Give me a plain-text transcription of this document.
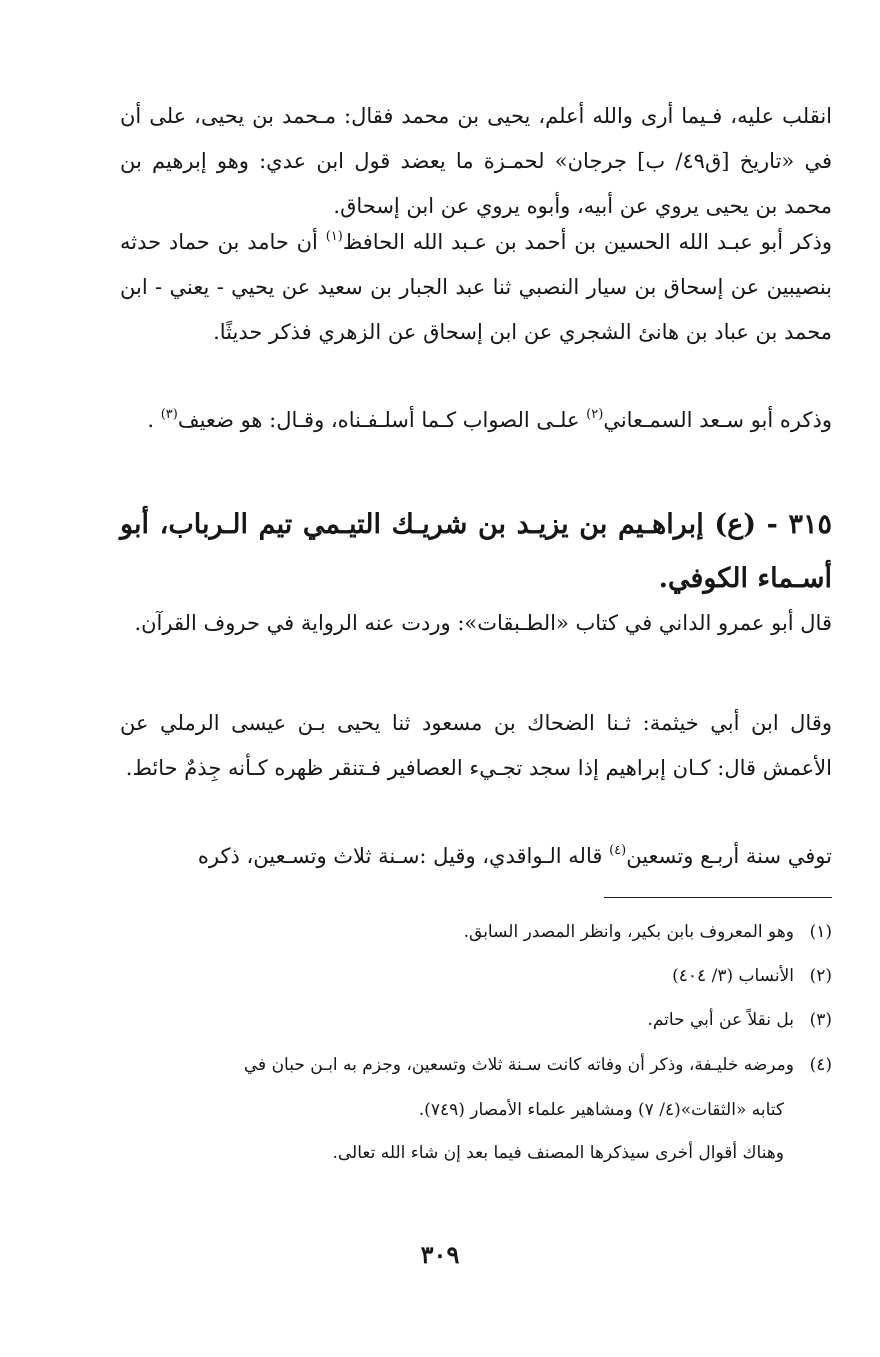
انقلب عليه، فـيما أرى والله أعلم، يحيى بن محمد فقال: مـحمد بن يحيى، على أن في «تاريخ [ق٤٩/ ب] جرجان» لحمـزة ما يعضد قول ابن عدي: وهو إبرهيم بن محمد بن يحيى يروي عن أبيه، وأبوه يروي عن ابن إسحاق.

وذكر أبو عبـد الله الحسين بن أحمد بن عـبد الله الحافظ$^{(١)}$ أن حامد بن حماد حدثه بنصيبين عن إسحاق بن سيار النصبي ثنا عبد الجبار بن سعيد عن يحيي - يعني - ابن محمد بن عباد بن هانئ الشجري عن ابن إسحاق عن الزهري فذكر حديثًا.

وذكره أبو سـعد السمـعاني$^{(٢)}$ علـى الصواب كـما أسلـفـناه، وقـال: هو ضعيف$^{(٣)}$ .

٣١٥ - (ع) إبراهـيم بن يزيـد بن شريـك التيـمي تيم الـرباب، أبو أسـماء الكوفي.

قال أبو عمرو الداني في كتاب «الطـبقات»: وردت عنه الرواية في حروف القرآن.

وقال ابن أبي خيثمة: ثـنا الضحاك بن مسعود ثنا يحيى بـن عيسى الرملي عن الأعمش قال: كـان إبراهيم إذا سجد تجـيء العصافير فـتنقر ظهره كـأنه جِذمٌ حائط.

توفي سنة أربـع وتسعين$^{(٤)}$ قاله الـواقدي، وقيل :سـنة ثلاث وتسـعين، ذكره

(١)وهو المعروف بابن بكير، وانظر المصدر السابق.

(٢)الأنساب (٣/ ٤٠٤)

(٣)بل نقلاً عن أبي حاتم.

(٤)ومرضه خليـفة، وذكر أن وفاته كانت سـنة ثلاث وتسعين، وجزم به ابـن حبان في

كتابه «الثقات»(٤/ ٧) ومشاهير علماء الأمصار (٧٤٩).

وهناك أقوال أخرى سيذكرها المصنف فيما بعد إن شاء الله تعالى.

٣٠٩
